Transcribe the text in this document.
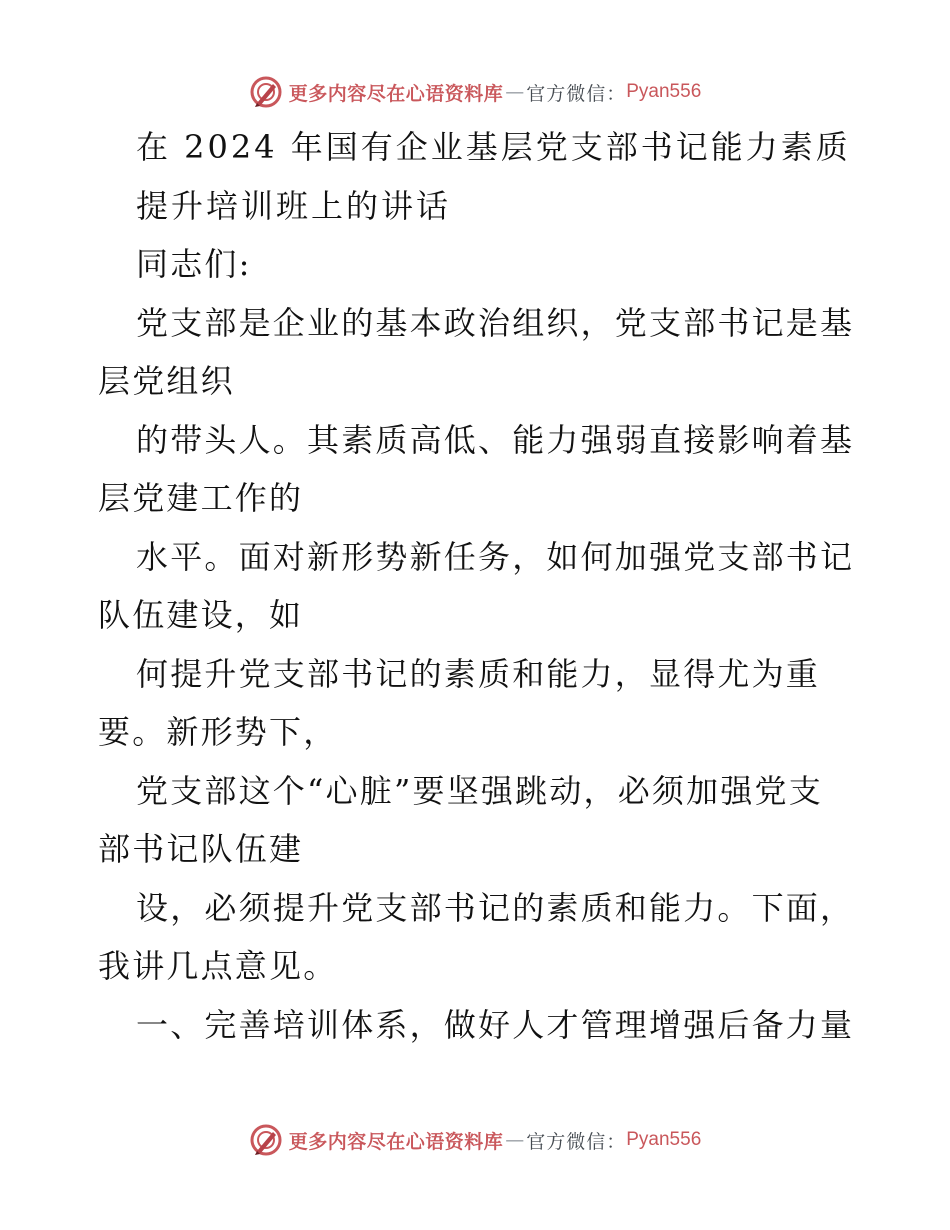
更多内容尽在心语资料库 — 官方微信： Pyan556
在 2024 年国有企业基层党支部书记能力素质
提升培训班上的讲话
同志们:
党支部是企业的基本政治组织，党支部书记是基
层党组织
的带头人。其素质高低、能力强弱直接影响着基
层党建工作的
水平。面对新形势新任务，如何加强党支部书记
队伍建设，如
何提升党支部书记的素质和能力，显得尤为重
要。新形势下，
党支部这个“心脏”要坚强跳动，必须加强党支
部书记队伍建
设，必须提升党支部书记的素质和能力。下面，
我讲几点意见。
一、完善培训体系，做好人才管理增强后备力量
更多内容尽在心语资料库 — 官方微信： Pyan556
